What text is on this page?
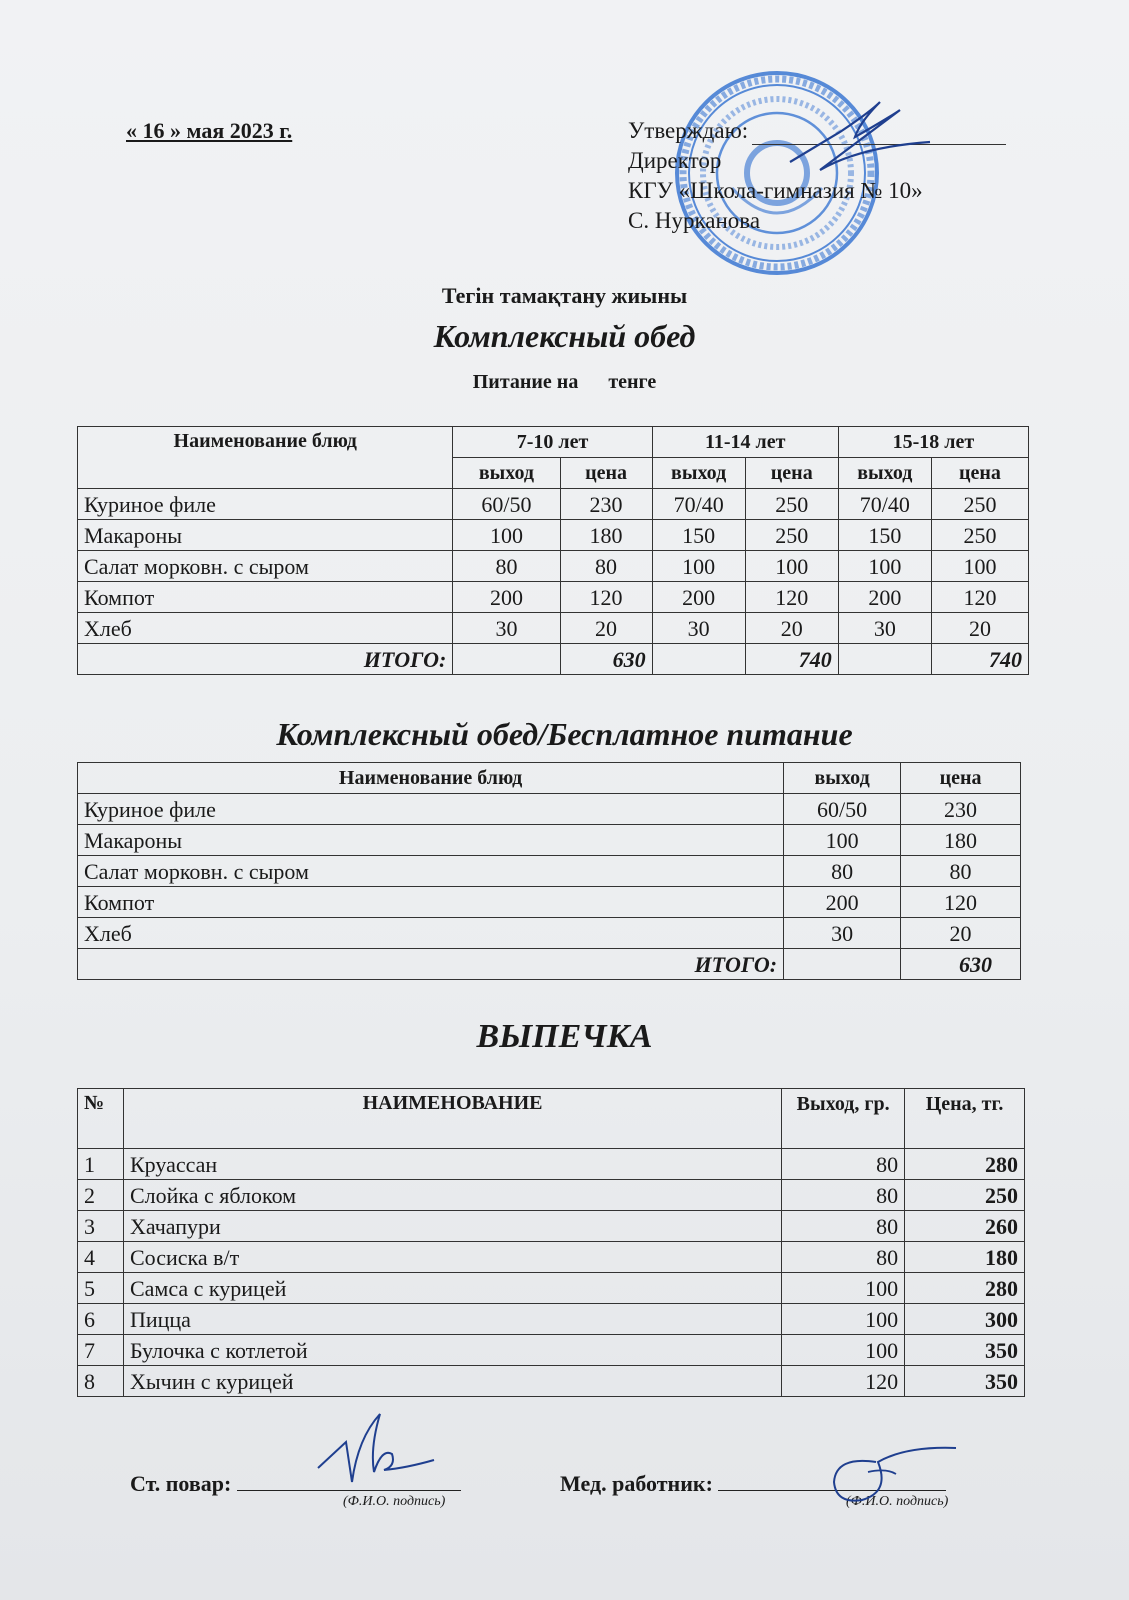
« 16 » мая 2023 г.	Утверждаю:
Директор
КГУ «Школа-гимназия № 10»
С. Нурканова
Тегін тамақтану жиыны
Комплексный обед
Питание на      тенге
Наименование блюд	7-10 лет		11-14 лет		15-18 лет	
	выход	цена	выход	цена	выход	цена
Куриное филе	60/50	230	70/40	250	70/40	250
Макароны	100	180	150	250	150	250
Салат морковн. с сыром	80	80	100	100	100	100
Компот	200	120	200	120	200	120
Хлеб	30	20	30	20	30	20
ИТОГО:		630		740		740
Комплексный обед/Бесплатное питание
Наименование блюд	выход	цена
Куриное филе	60/50	230
Макароны	100	180
Салат морковн. с сыром	80	80
Компот	200	120
Хлеб	30	20
ИТОГО:		630
ВЫПЕЧКА
№	НАИМЕНОВАНИЕ	Выход, гр.	Цена, тг.
1	Круассан	80	280
2	Слойка с яблоком	80	250
3	Хачапури	80	260
4	Сосиска в/т	80	180
5	Самса с курицей	100	280
6	Пицца	100	300
7	Булочка с котлетой	100	350
8	Хычин с курицей	120	350
Ст. повар:
(Ф.И.О. подпись)
Мед. работник:
(Ф.И.О. подпись)
